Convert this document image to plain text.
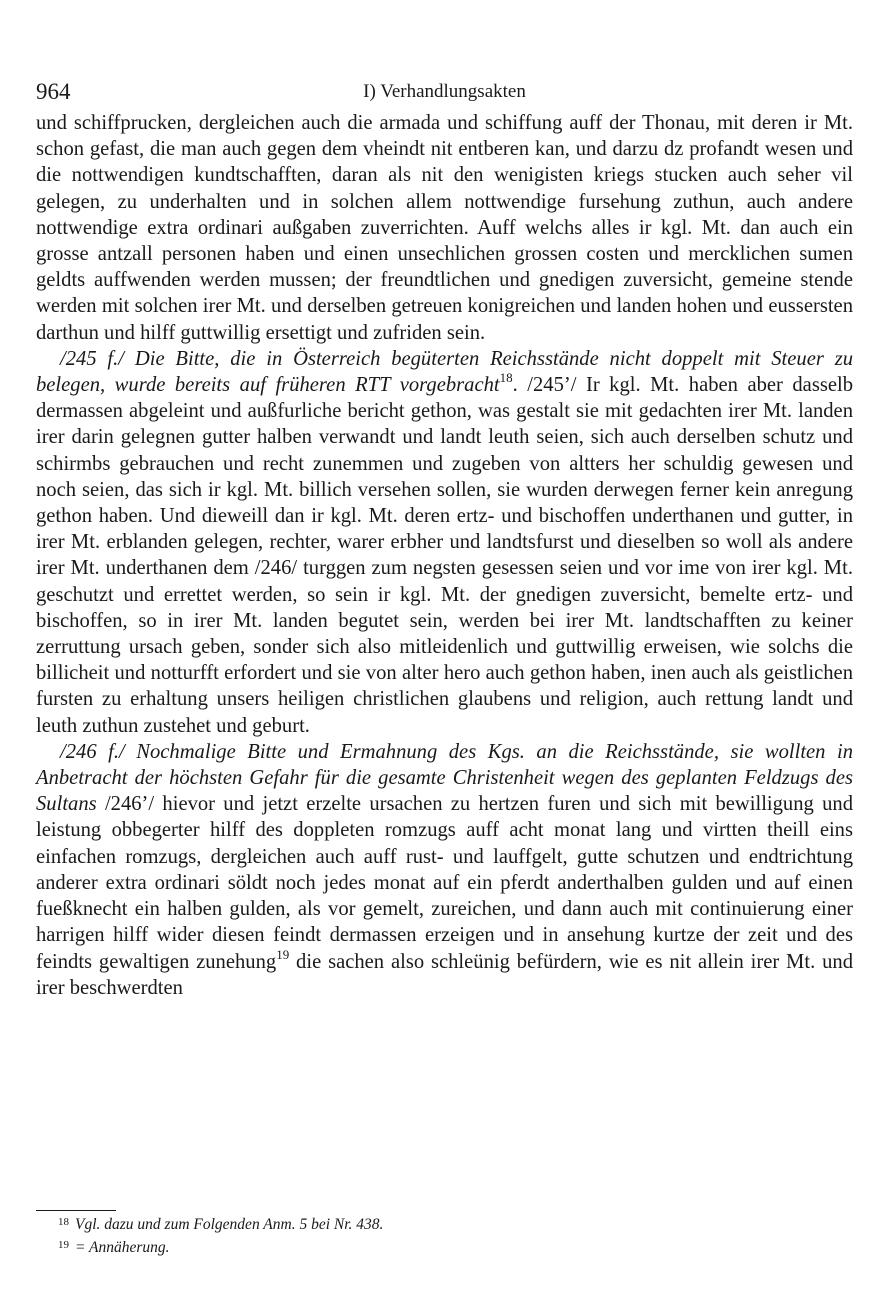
964	I) Verhandlungsakten

und schiffprucken, dergleichen auch die armada und schiffung auff der Thonau, mit deren ir Mt. schon gefast, die man auch gegen dem vheindt nit entberen kan, und darzu dz profandt wesen und die nottwendigen kundtschafften, daran als nit den wenigisten kriegs stucken auch seher vil gelegen, zu underhalten und in solchen allem nottwendige fursehung zuthun, auch andere nottwendige extra ordinari außgaben zuverrichten. Auff welchs alles ir kgl. Mt. dan auch ein grosse antzall personen haben und einen unsechlichen grossen costen und mercklichen sumen geldts auffwenden werden mussen; der freundtlichen und gnedigen zuversicht, gemeine stende werden mit solchen irer Mt. und derselben getreuen konigreichen und landen hohen und eussersten darthun und hilff guttwillig ersettigt und zufriden sein.

/245 f./ Die Bitte, die in Österreich begüterten Reichsstände nicht doppelt mit Steuer zu belegen, wurde bereits auf früheren RTT vorgebracht$^{18}$. /245’/ Ir kgl. Mt. haben aber dasselb dermassen abgeleint und außfurliche bericht gethon, was gestalt sie mit gedachten irer Mt. landen irer darin gelegnen gutter halben verwandt und landt leuth seien, sich auch derselben schutz und schirmbs gebrauchen und recht zunemmen und zugeben von altters her schuldig gewesen und noch seien, das sich ir kgl. Mt. billich versehen sollen, sie wurden derwegen ferner kein anregung gethon haben. Und dieweill dan ir kgl. Mt. deren ertz- und bischoffen underthanen und gutter, in irer Mt. erblanden gelegen, rechter, warer erbher und landtsfurst und dieselben so woll als andere irer Mt. underthanen dem /246/ turggen zum negsten gesessen seien und vor ime von irer kgl. Mt. geschutzt und errettet werden, so sein ir kgl. Mt. der gnedigen zuversicht, bemelte ertz- und bischoffen, so in irer Mt. landen begutet sein, werden bei irer Mt. landtschafften zu keiner zerruttung ursach geben, sonder sich also mitleidenlich und guttwillig erweisen, wie solchs die billicheit und notturfft erfordert und sie von alter hero auch gethon haben, inen auch als geistlichen fursten zu erhaltung unsers heiligen christlichen glaubens und religion, auch rettung landt und leuth zuthun zustehet und geburt.

/246 f./ Nochmalige Bitte und Ermahnung des Kgs. an die Reichsstände, sie wollten in Anbetracht der höchsten Gefahr für die gesamte Christenheit wegen des geplanten Feldzugs des Sultans /246’/ hievor und jetzt erzelte ursachen zu hertzen furen und sich mit bewilligung und leistung obbegerter hilff des doppleten romzugs auff acht monat lang und virtten theill eins einfachen romzugs, dergleichen auch auff rust- und lauffgelt, gutte schutzen und endtrichtung anderer extra ordinari söldt noch jedes monat auf ein pferdt anderthalben gulden und auf einen fueßknecht ein halben gulden, als vor gemelt, zureichen, und dann auch mit continuierung einer harrigen hilff wider diesen feindt dermassen erzeigen und in ansehung kurtze der zeit und des feindts gewaltigen zunehung$^{19}$ die sachen also schleünig befürdern, wie es nit allein irer Mt. und irer beschwerdten

$^{18}$ Vgl. dazu und zum Folgenden Anm. 5 bei Nr. 438.

$^{19}$ = Annäherung.
